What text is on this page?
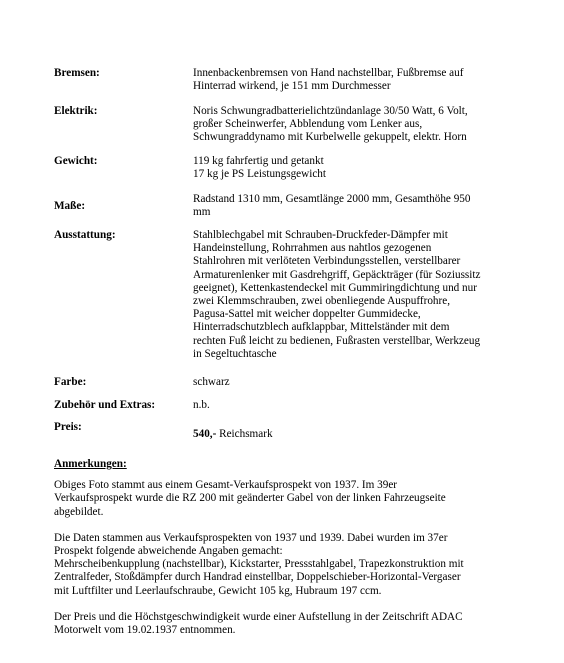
Bremsen:	Innenbackenbremsen von Hand nachstellbar, Fußbremse auf
Hinterrad wirkend, je 151 mm Durchmesser
Elektrik:	Noris Schwungradbatterielichtzündanlage 30/50 Watt, 6 Volt,
großer Scheinwerfer, Abblendung vom Lenker aus,
Schwungraddynamo mit Kurbelwelle gekuppelt, elektr. Horn
Gewicht:	119 kg fahrfertig und getankt
17 kg je PS Leistungsgewicht
Maße:
Radstand 1310 mm, Gesamtlänge 2000 mm, Gesamthöhe 950
mm
Ausstattung:	Stahlblechgabel mit Schrauben-Druckfeder-Dämpfer mit
Handeinstellung, Rohrrahmen aus nahtlos gezogenen
Stahlrohren mit verlöteten Verbindungsstellen, verstellbarer
Armaturenlenker mit Gasdrehgriff, Gepäckträger (für Soziussitz
geeignet), Kettenkastendeckel mit Gummiringdichtung und nur
zwei Klemmschrauben, zwei obenliegende Auspuffrohre,
Pagusa-Sattel mit weicher doppelter Gummidecke,
Hinterradschutzblech aufklappbar, Mittelständer mit dem
rechten Fuß leicht zu bedienen, Fußrasten verstellbar, Werkzeug
in Segeltuchtasche
Farbe:	schwarz
Zubehör und Extras:	n.b.
Preis:
540,- Reichsmark
Anmerkungen:

Obiges Foto stammt aus einem Gesamt-Verkaufsprospekt von 1937. Im 39er
Verkaufsprospekt wurde die RZ 200 mit geänderter Gabel von der linken Fahrzeugseite
abgebildet.

Die Daten stammen aus Verkaufsprospekten von 1937 und 1939. Dabei wurden im 37er
Prospekt folgende abweichende Angaben gemacht:
Mehrscheibenkupplung (nachstellbar), Kickstarter, Pressstahlgabel, Trapezkonstruktion mit
Zentralfeder, Stoßdämpfer durch Handrad einstellbar, Doppelschieber-Horizontal-Vergaser
mit Luftfilter und Leerlaufschraube, Gewicht 105 kg, Hubraum 197 ccm.

Der Preis und die Höchstgeschwindigkeit wurde einer Aufstellung in der Zeitschrift ADAC
Motorwelt vom 19.02.1937 entnommen.
